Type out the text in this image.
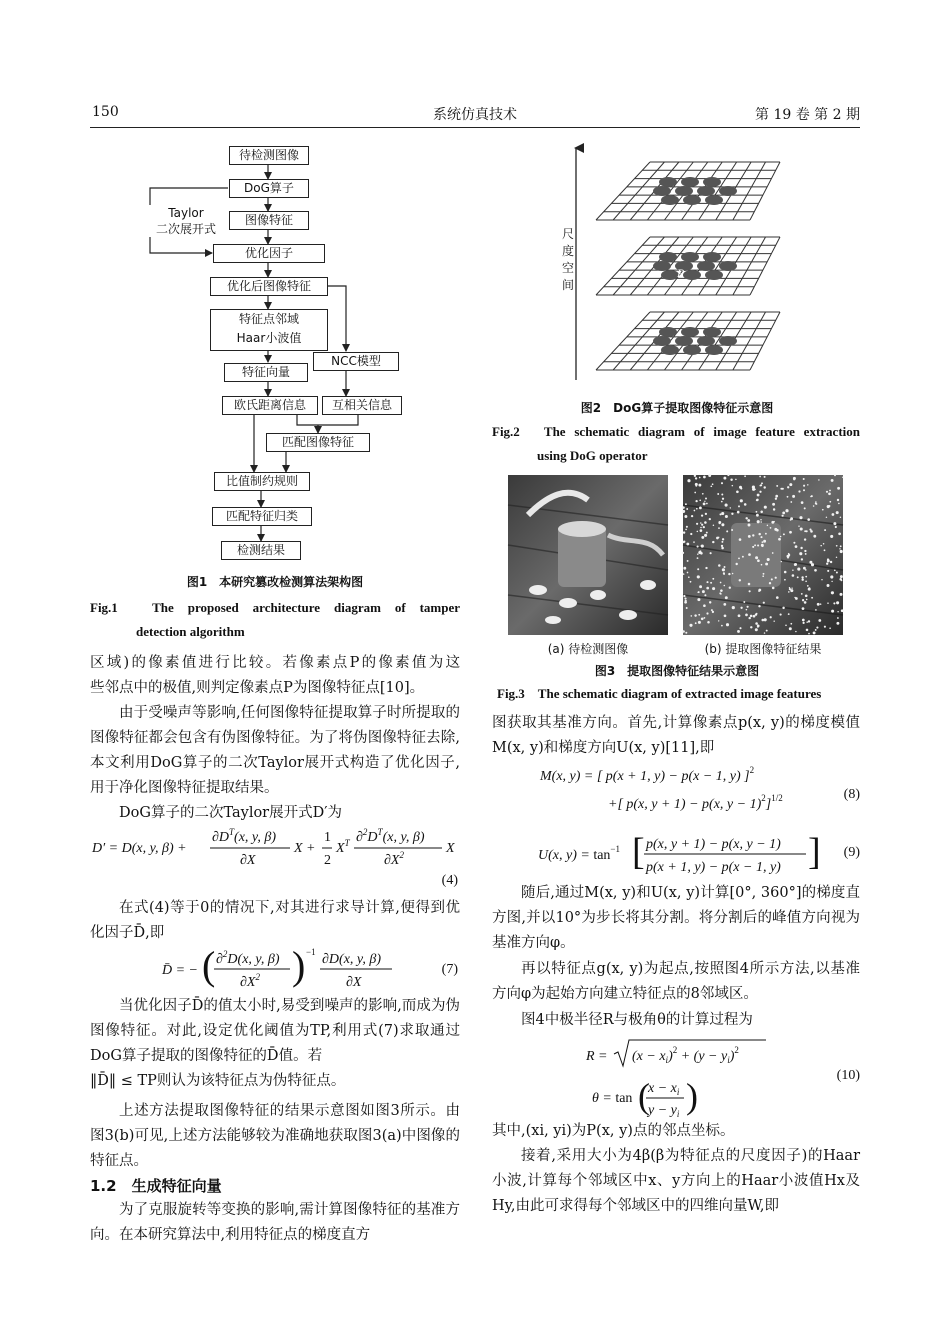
150	系统仿真技术	第 19 卷 第 2 期
待检测图像
DoG算子
图像特征
优化因子
优化后图像特征
特征点邻域
Haar小波值
NCC模型
特征向量
欧氏距离信息	互相关信息
匹配图像特征
比值制约规则
匹配特征归类
检测结果
Taylor
二次展开式
图1　本研究篡改检测算法架构图
Fig.1　The proposed architecture diagram of tamper
detection algorithm
区域)的像素值进行比较。若像素点P的像素值为这
些邻点中的极值,则判定像素点P为图像特征点[10]。
由于受噪声等影响,任何图像特征提取算子时所提取的图像特征都会包含有伪图像特征。为了将伪图像特征去除,本文利用DoG算子的二次Taylor展开式构造了优化因子,用于净化图像特征提取结果。
DoG算子的二次Taylor展开式D′为
D′ = D(x, y, β) +
$\partial D^T(x$, y, β)
∂X
X +
1
2
$X^T$ $\partial^2D^T(x$, y, β)
$\partial X^2$	X
(4)
在式(4)等于0的情况下,对其进行求导计算,便得到优化因子D̄,即
D̄ = − ( ∂$^2$D(x, y, β)
$\partial X^2$ ) −1 ∂D(x, y, β)
∂X
(7)
当优化因子D̄的值太小时,易受到噪声的影响,而成为伪图像特征。对此,设定优化阈值为TP,利用式(7)求取通过DoG算子提取的图像特征的D̄值。若
‖D̄‖ ≤ TP则认为该特征点为伪特征点。
上述方法提取图像特征的结果示意图如图3所示。由图3(b)可见,上述方法能够较为准确地获取图3(a)中图像的特征点。
1.2　生成特征向量
为了克服旋转等变换的影响,需计算图像特征的基准方向。在本研究算法中,利用特征点的梯度直方
P
尺
度
空
间
图2　DoG算子提取图像特征示意图
Fig.2　The schematic diagram of image feature extraction
using DoG operator
(a) 待检测图像	(b) 提取图像特征结果
图3　提取图像特征结果示意图
Fig.3　The schematic diagram of extracted image features
图获取其基准方向。首先,计算像素点p(x, y)的梯度模值M(x, y)和梯度方向U(x, y)[11],即
M(x, y) = [ p(x + 1, y) − p(x − 1, y) ]$^2$
+[ p(x, y + 1) − p(x, y − 1)$^2$]$^{1/2}$	(8)
U(x, $y) = \tan^{-1}$ [ p(x, y + 1) − p(x, y − 1)
p(x + 1, y) − p(x − 1, y) ]	(9)
随后,通过M(x, y)和U(x, y)计算[0°, 360°]的梯度直方图,并以10°为步长将其分割。将分割后的峰值方向视为基准方向φ。
再以特征点g(x, y)为起点,按照图4所示方法,以基准方向φ为起始方向建立特征点的8邻域区。
图4中极半径R与极角θ的计算过程为
$R = (x - x_i)^2 + (y - y_i)^2$
θ = tan (
$x - x_i$
$y - y_i$ )
(10)
其中,(xi, yi)为P(x, y)点的邻点坐标。
接着,采用大小为4β(β为特征点的尺度因子)的Haar小波,计算每个邻域区中x、y方向上的Haar小波值Hx及Hy,由此可求得每个邻域区中的四维向量W,即
